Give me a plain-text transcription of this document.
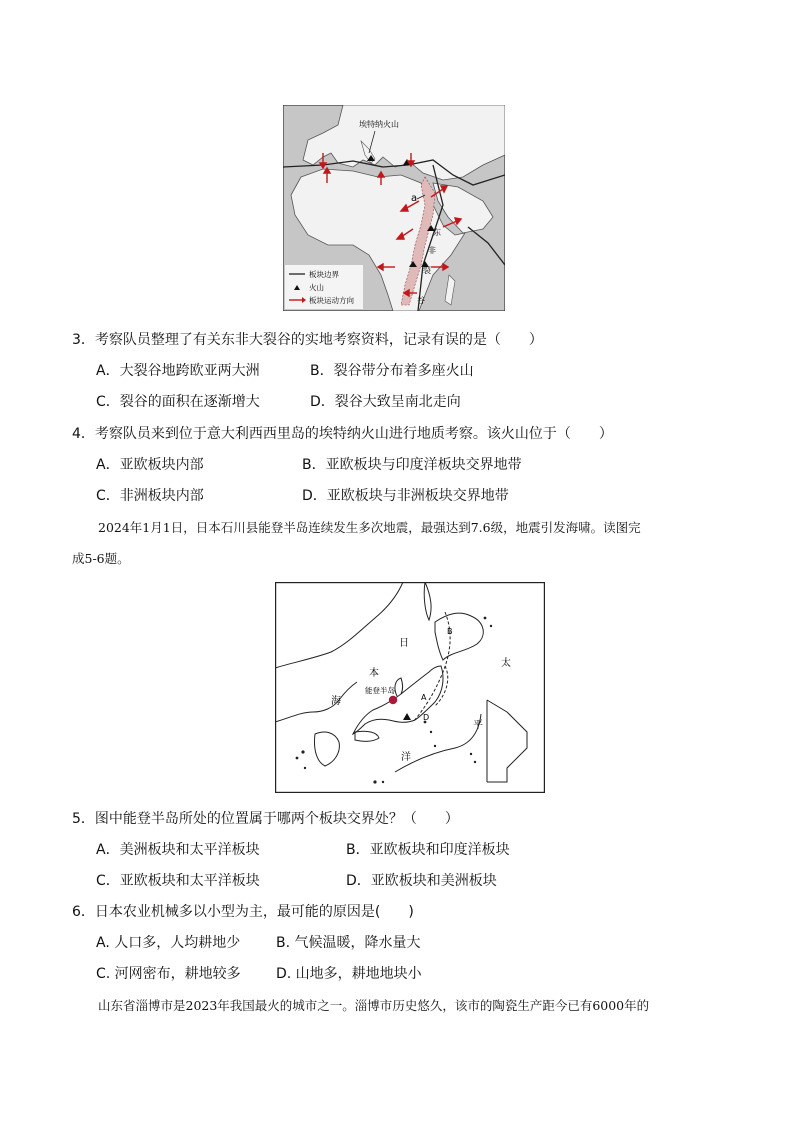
埃特纳火山
a
东
非
裂
谷
板块边界
火山
板块运动方向
3．考察队员整理了有关东非大裂谷的实地考察资料，记录有误的是（　　）
A．大裂谷地跨欧亚两大洲	B．裂谷带分布着多座火山
C．裂谷的面积在逐渐增大	D．裂谷大致呈南北走向
4．考察队员来到位于意大利西西里岛的埃特纳火山进行地质考察。该火山位于（　　）
A．亚欧板块内部	B．亚欧板块与印度洋板块交界地带
C．非洲板块内部	D．亚欧板块与非洲板块交界地带
2024年1月1日，日本石川县能登半岛连续发生多次地震，最强达到7.6级，地震引发海啸。读图完
成5-6题。
日
本
海
太
平
洋
能登半岛
A
B
D
5．图中能登半岛所处的位置属于哪两个板块交界处？（　　）
A．美洲板块和太平洋板块	B．亚欧板块和印度洋板块
C．亚欧板块和太平洋板块	D．亚欧板块和美洲板块
6．日本农业机械多以小型为主，最可能的原因是(　　)
A. 人口多，人均耕地少	B. 气候温暖，降水量大
C. 河网密布，耕地较多	D. 山地多，耕地地块小
山东省淄博市是2023年我国最火的城市之一。淄博市历史悠久，该市的陶瓷生产距今已有6000年的
